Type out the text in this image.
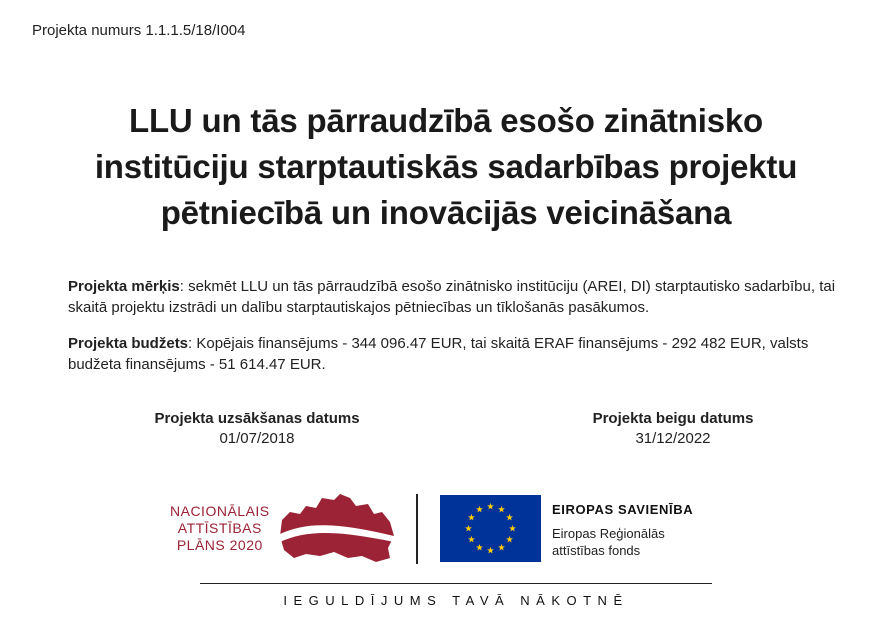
Projekta numurs 1.1.1.5/18/I004
LLU un tās pārraudzībā esošo zinātnisko
institūciju starptautiskās sadarbības projektu
pētniecībā un inovācijās veicināšana
Projekta mērķis: sekmēt LLU un tās pārraudzībā esošo zinātnisko institūciju (AREI, DI) starptautisko sadarbību, tai skaitā projektu izstrādi un dalību starptautiskajos pētniecības un tīklošanās pasākumos.
Projekta budžets: Kopējais finansējums - 344 096.47 EUR, tai skaitā ERAF finansējums - 292 482 EUR, valsts budžeta finansējums - 51 614.47 EUR.
Projekta uzsākšanas datums
01/07/2018
Projekta beigu datums
31/12/2022
NACIONĀLAIS
ATTĪSTĪBAS
PLĀNS 2020
EIROPAS SAVIENĪBA
Eiropas Reģionālās
attīstības fonds
IEGULDĪJUMS TAVĀ NĀKOTNĒ
